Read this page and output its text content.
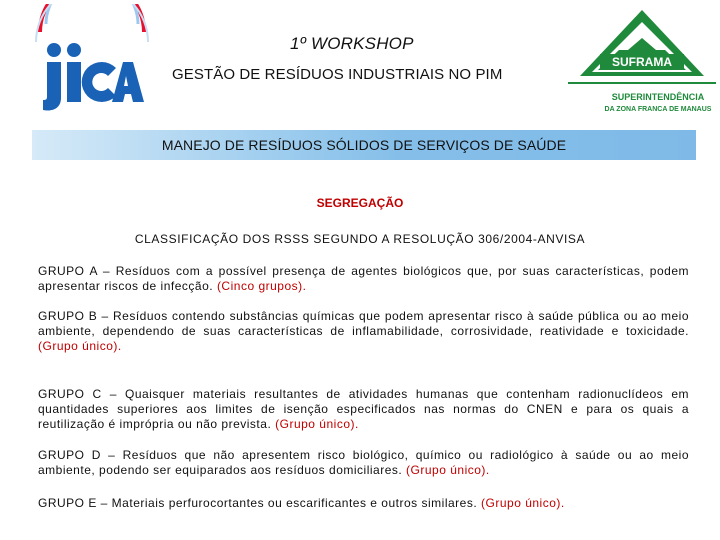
JICA
SUFRAMA
SUPERINTENDÊNCIA
DA ZONA FRANCA DE MANAUS
1º WORKSHOP
GESTÃO DE RESÍDUOS INDUSTRIAIS NO PIM
MANEJO DE RESÍDUOS SÓLIDOS DE SERVIÇOS DE SAÚDE
SEGREGAÇÃO
CLASSIFICAÇÃO DOS RSSS SEGUNDO A RESOLUÇÃO 306/2004-ANVISA
GRUPO A – Resíduos com a possível presença de agentes biológicos que, por suas características, podem apresentar riscos de infecção. (Cinco grupos).
GRUPO B – Resíduos contendo substâncias químicas que podem apresentar risco à saúde pública ou ao meio ambiente, dependendo de suas características de inflamabilidade, corrosividade, reatividade e toxicidade. (Grupo único).
GRUPO C – Quaisquer materiais resultantes de atividades humanas que contenham radionuclídeos em quantidades superiores aos limites de isenção especificados nas normas do CNEN e para os quais a reutilização é imprópria ou não prevista. (Grupo único).
GRUPO D – Resíduos que não apresentem risco biológico, químico ou radiológico à saúde ou ao meio ambiente, podendo ser equiparados aos resíduos domiciliares. (Grupo único).
GRUPO E – Materiais perfurocortantes ou escarificantes e outros similares. (Grupo único).
